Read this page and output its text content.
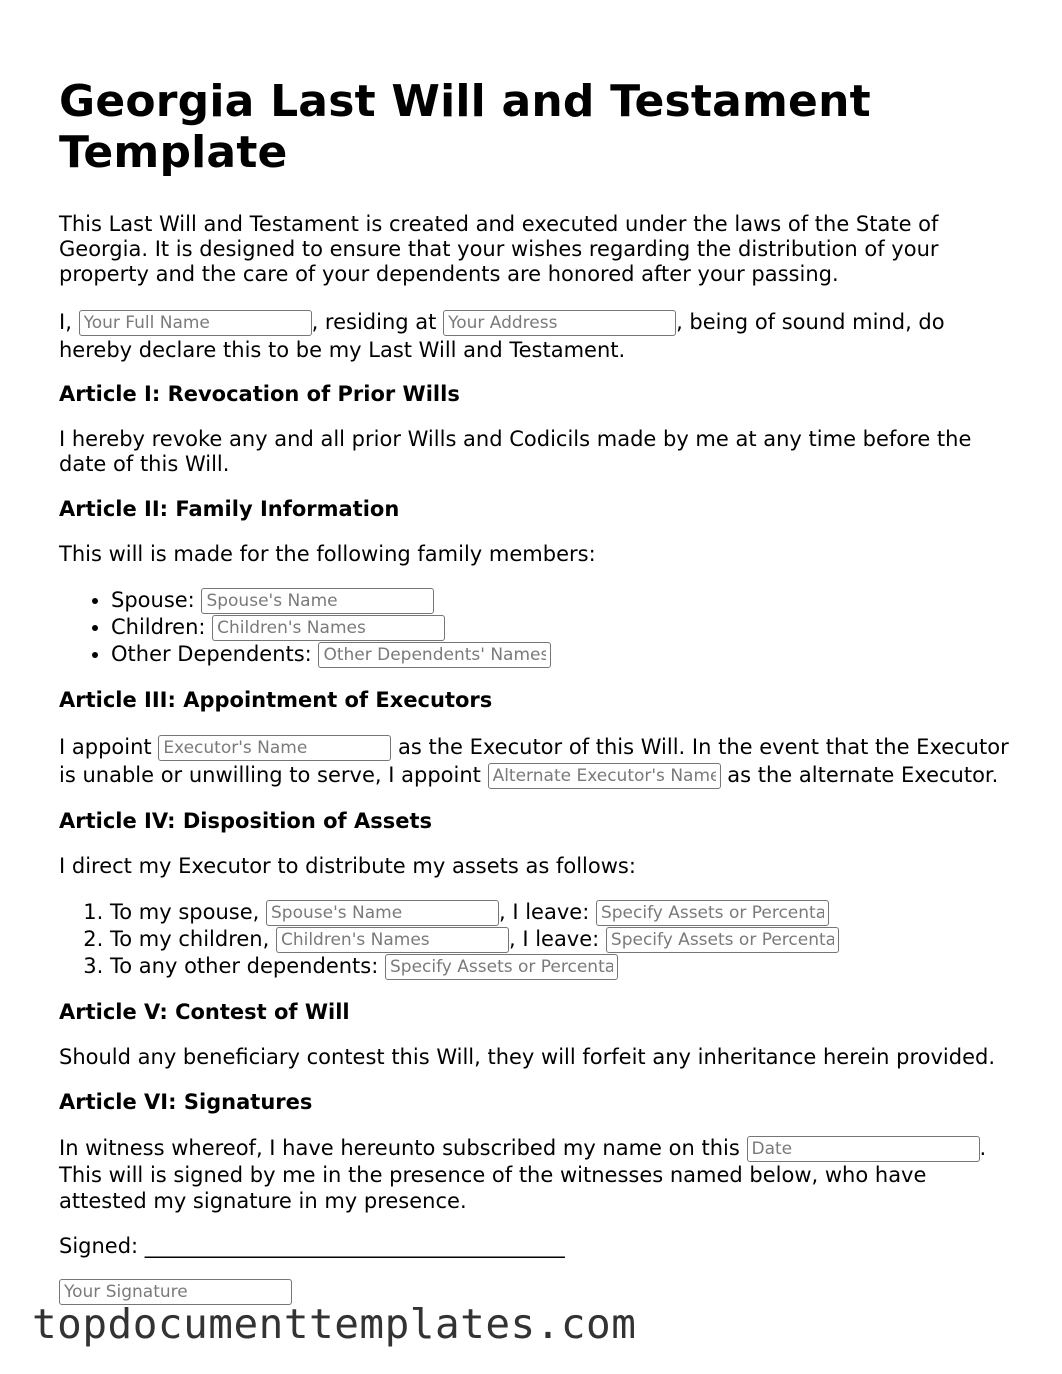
Georgia Last Will and Testament Template

This Last Will and Testament is created and executed under the laws of the State of Georgia. It is designed to ensure that your wishes regarding the distribution of your property and the care of your dependents are honored after your passing.

I, Your Full Name	, residing at Your Address	, being of sound mind, do hereby declare this to be my Last Will and Testament.

Article I: Revocation of Prior Wills

I hereby revoke any and all prior Wills and Codicils made by me at any time before the date of this Will.

Article II: Family Information

This will is made for the following family members:

• Spouse: Spouse's Name
• Children: Children's Names
• Other Dependents: Other Dependents' Names
Article III: Appointment of Executors

I appoint Executor's Name	as the Executor of this Will. In the event that the Executor is unable or unwilling to serve, I appoint Alternate Executor's Name	as the alternate Executor.

Article IV: Disposition of Assets

I direct my Executor to distribute my assets as follows:

1. To my spouse, Spouse's Name	, I leave: Specify Assets or Percentage
2. To my children, Children's Names	, I leave: Specify Assets or Percentage
3. To any other dependents: Specify Assets or Percentage
Article V: Contest of Will

Should any beneficiary contest this Will, they will forfeit any inheritance herein provided.

Article VI: Signatures

In witness whereof, I have hereunto subscribed my name on this Date	. This will is signed by me in the presence of the witnesses named below, who have attested my signature in my presence.

Signed: ________________________________________

Your Signature
topdocumenttemplates.com
